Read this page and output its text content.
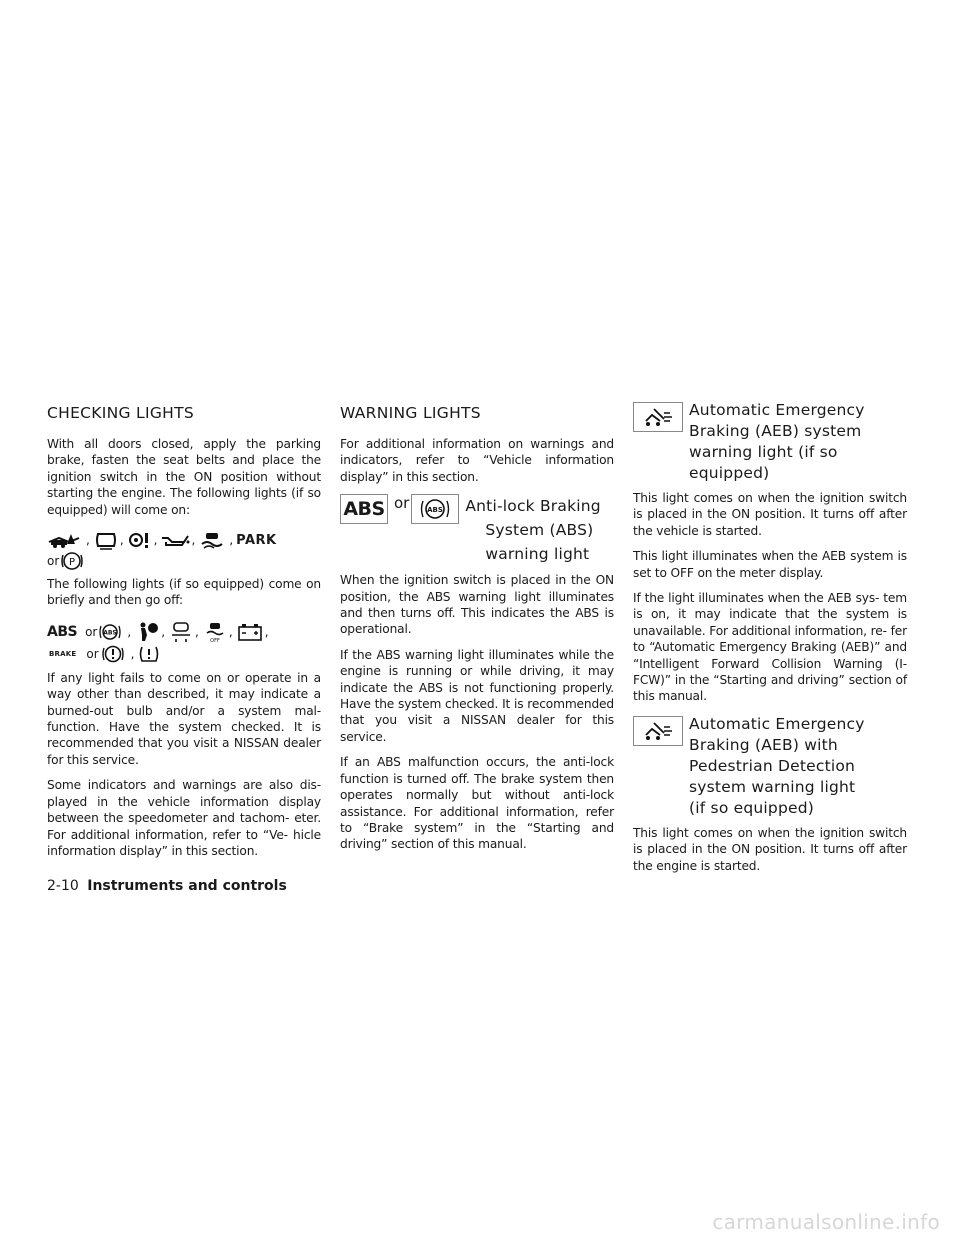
CHECKING LIGHTS

With all doors closed, apply the parking brake, fasten the seat belts and place the ignition switch in the ON position without starting the engine. The following lights (if so equipped) will come on:

,	,	,	,	, PARK
or P

The following lights (if so equipped) come on briefly and then go off:

ABS or ABS ,	,	,
OFF
,	,
BRAKE or	,

If any light fails to come on or operate in a way other than described, it may indicate a burned-out bulb and/or a system mal- function. Have the system checked. It is recommended that you visit a NISSAN dealer for this service.

Some indicators and warnings are also dis- played in the vehicle information display between the speedometer and tachom- eter. For additional information, refer to “Ve- hicle information display” in this section.

WARNING LIGHTS

For additional information on warnings and indicators, refer to “Vehicle information display” in this section.

ABS or	ABS Anti-lock Braking
System (ABS)
warning light

When the ignition switch is placed in the ON position, the ABS warning light illuminates and then turns off. This indicates the ABS is operational.

If the ABS warning light illuminates while the engine is running or while driving, it may indicate the ABS is not functioning properly. Have the system checked. It is recommended that you visit a NISSAN dealer for this service.

If an ABS malfunction occurs, the anti-lock function is turned off. The brake system then operates normally but without anti-lock assistance. For additional information, refer to “Brake system” in the “Starting and driving” section of this manual.

Automatic Emergency
Braking (AEB) system
warning light (if so
equipped)

This light comes on when the ignition switch is placed in the ON position. It turns off after the vehicle is started.

This light illuminates when the AEB system is set to OFF on the meter display.

If the light illuminates when the AEB sys- tem is on, it may indicate that the system is unavailable. For additional information, re- fer to “Automatic Emergency Braking (AEB)” and “Intelligent Forward Collision Warning (I-FCW)” in the “Starting and driving” section of this manual.

Automatic Emergency
Braking (AEB) with
Pedestrian Detection
system warning light
(if so equipped)

This light comes on when the ignition switch is placed in the ON position. It turns off after the engine is started.

2-10 Instruments and controls
carmanualsonline.info
